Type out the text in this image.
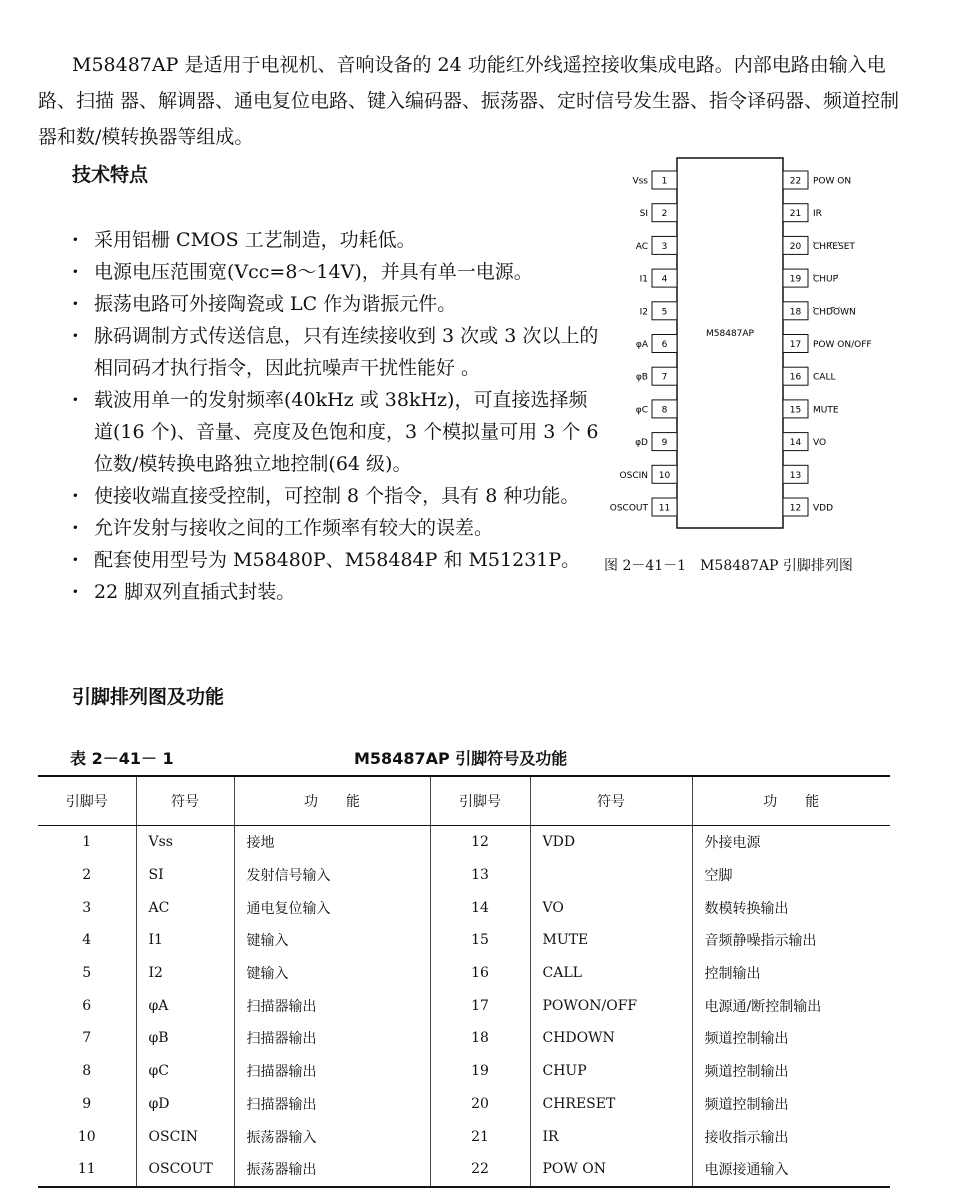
M58487AP 是适用于电视机、音响设备的 24 功能红外线遥控接收集成电路。内部电路由输入电路、扫描 器、解调器、通电复位电路、键入编码器、振荡器、定时信号发生器、指令译码器、频道控制器和数/模转换器等组成。

技术特点
· 采用铝栅 CMOS 工艺制造，功耗低。
· 电源电压范围宽(Vcc=8～14V)，并具有单一电源。
· 振荡电路可外接陶瓷或 LC 作为谐振元件。
· 脉码调制方式传送信息，只有连续接收到 3 次或 3 次以上的相同码才执行指令，因此抗噪声干扰性能好 。
· 载波用单一的发射频率(40kHz 或 38kHz)，可直接选择频道(16 个)、音量、亮度及色饱和度，3 个模拟量可用 3 个 6 位数/模转换电路独立地控制(64 级)。
· 使接收端直接受控制，可控制 8 个指令，具有 8 种功能。
· 允许发射与接收之间的工作频率有较大的误差。
· 配套使用型号为 M58480P、M58484P 和 M51231P。
· 22 脚双列直插式封装。
M58487AP
1
Vss
2
SI
3
AC
4
I1
5
I2
6
φA
7
φB
8
φC
9
φD
10
OSCIN
11
OSCOUT
22 POW ON
21 IR
20 CHRESET
19 CHUP
18 CHDOWN
17 POW ON/OFF
16 CALL
15 MUTE
14 VO
13
12 VDD
图 2－41－1　M58487AP 引脚排列图
引脚排列图及功能
表 2－41－ 1	M58487AP 引脚符号及功能
引脚号	符号	功　　能	引脚号	符号	功　　能
1	Vss	接地	12	VDD	外接电源
2	SI	发射信号输入	13		空脚
3	AC	通电复位输入	14	VO	数模转换输出
4	I1	键输入	15	MUTE	音频静噪指示输出
5	I2	键输入	16	CALL	控制输出
6	φA	扫描器输出	17	POWON/OFF	电源通/断控制输出
7	φB	扫描器输出	18	CHDOWN	频道控制输出
8	φC	扫描器输出	19	CHUP	频道控制输出
9	φD	扫描器输出	20	CHRESET	频道控制输出
10	OSCIN	振荡器输入	21	IR	接收指示输出
11	OSCOUT	振荡器输出	22	POW ON	电源接通输入
